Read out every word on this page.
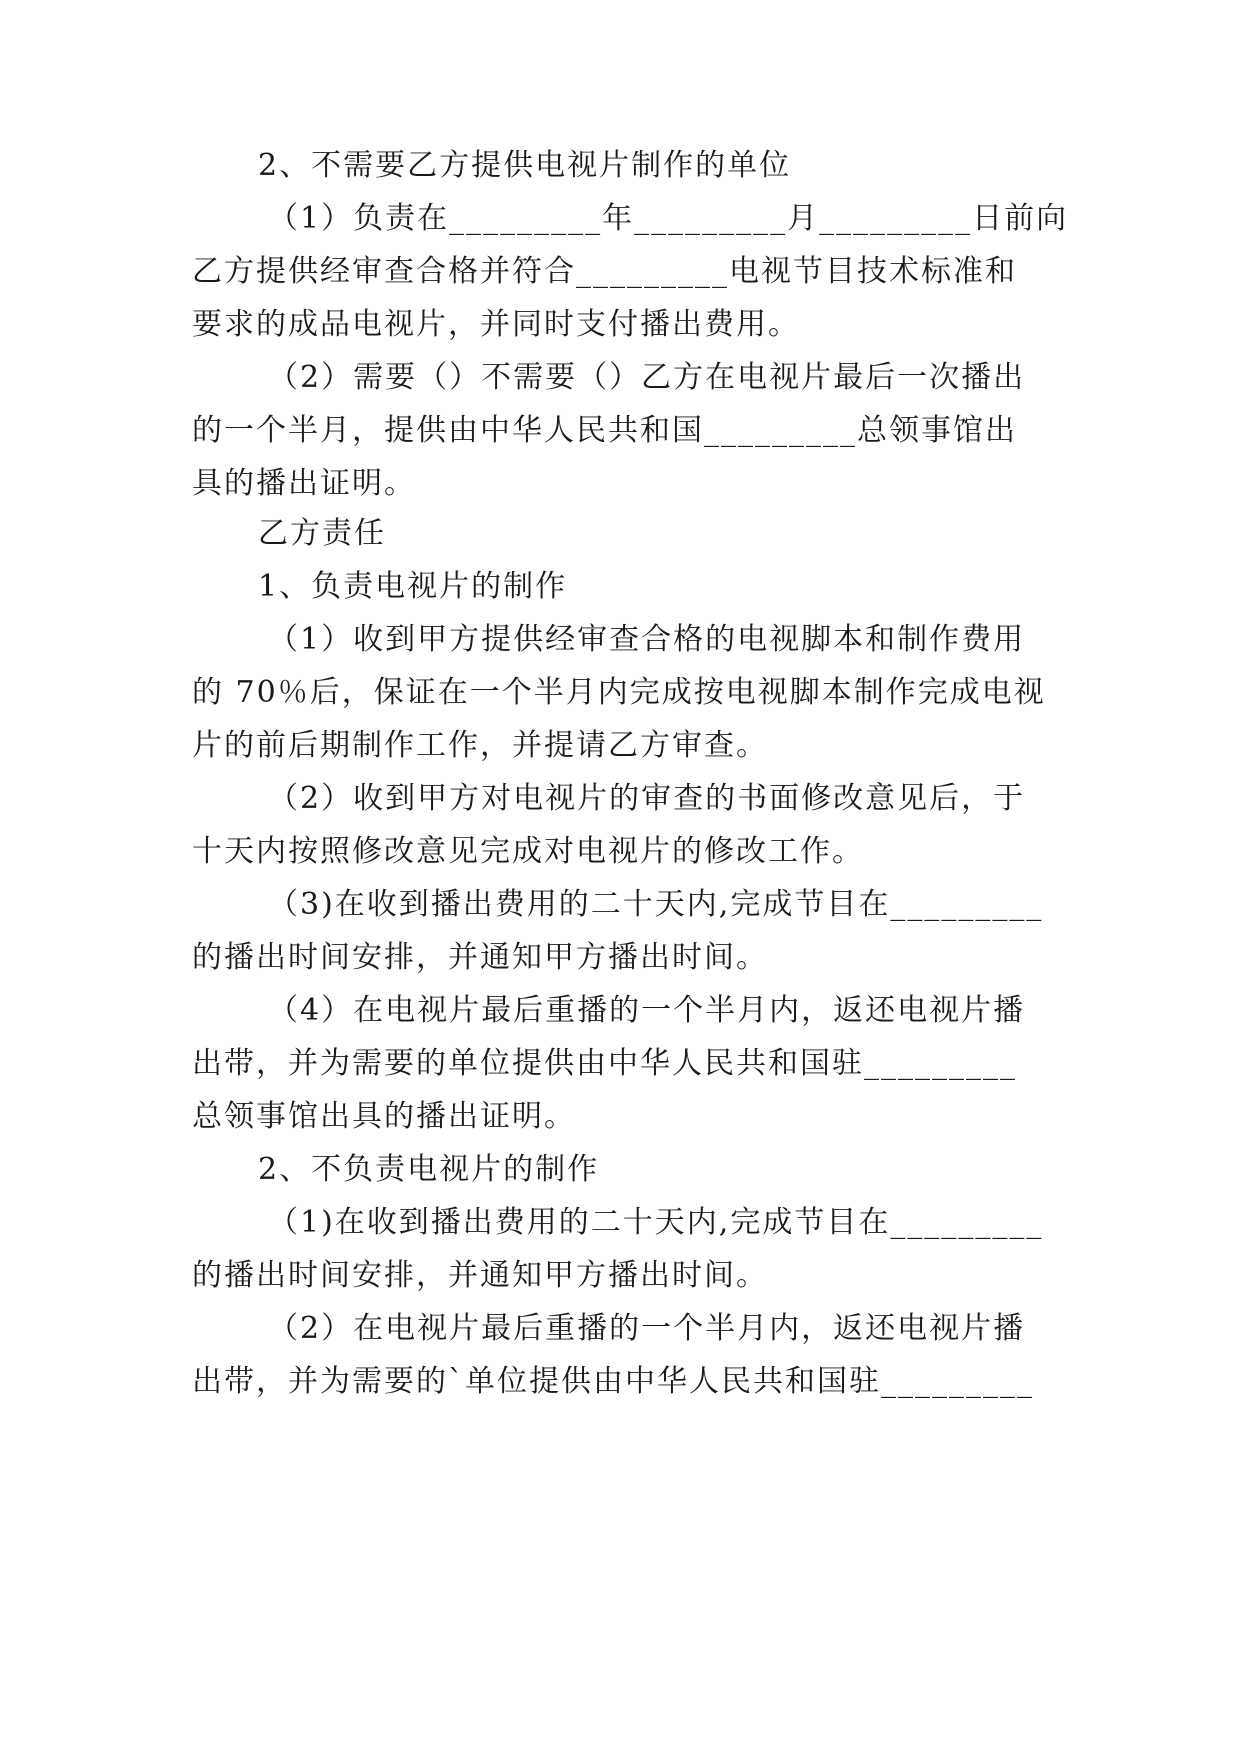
2、不需要乙方提供电视片制作的单位
（1）负责在_________年_________月_________日前向
乙方提供经审查合格并符合_________电视节目技术标准和
要求的成品电视片，并同时支付播出费用。
（2）需要（）不需要（）乙方在电视片最后一次播出
的一个半月，提供由中华人民共和国_________总领事馆出
具的播出证明。
乙方责任
1、负责电视片的制作
（1）收到甲方提供经审查合格的电视脚本和制作费用
的 70％后，保证在一个半月内完成按电视脚本制作完成电视
片的前后期制作工作，并提请乙方审查。
（2）收到甲方对电视片的审查的书面修改意见后，于
十天内按照修改意见完成对电视片的修改工作。
（3)在收到播出费用的二十天内,完成节目在_________
的播出时间安排，并通知甲方播出时间。
（4）在电视片最后重播的一个半月内，返还电视片播
出带，并为需要的单位提供由中华人民共和国驻_________
总领事馆出具的播出证明。
2、不负责电视片的制作
（1)在收到播出费用的二十天内,完成节目在_________
的播出时间安排，并通知甲方播出时间。
（2）在电视片最后重播的一个半月内，返还电视片播
出带，并为需要的`单位提供由中华人民共和国驻_________
